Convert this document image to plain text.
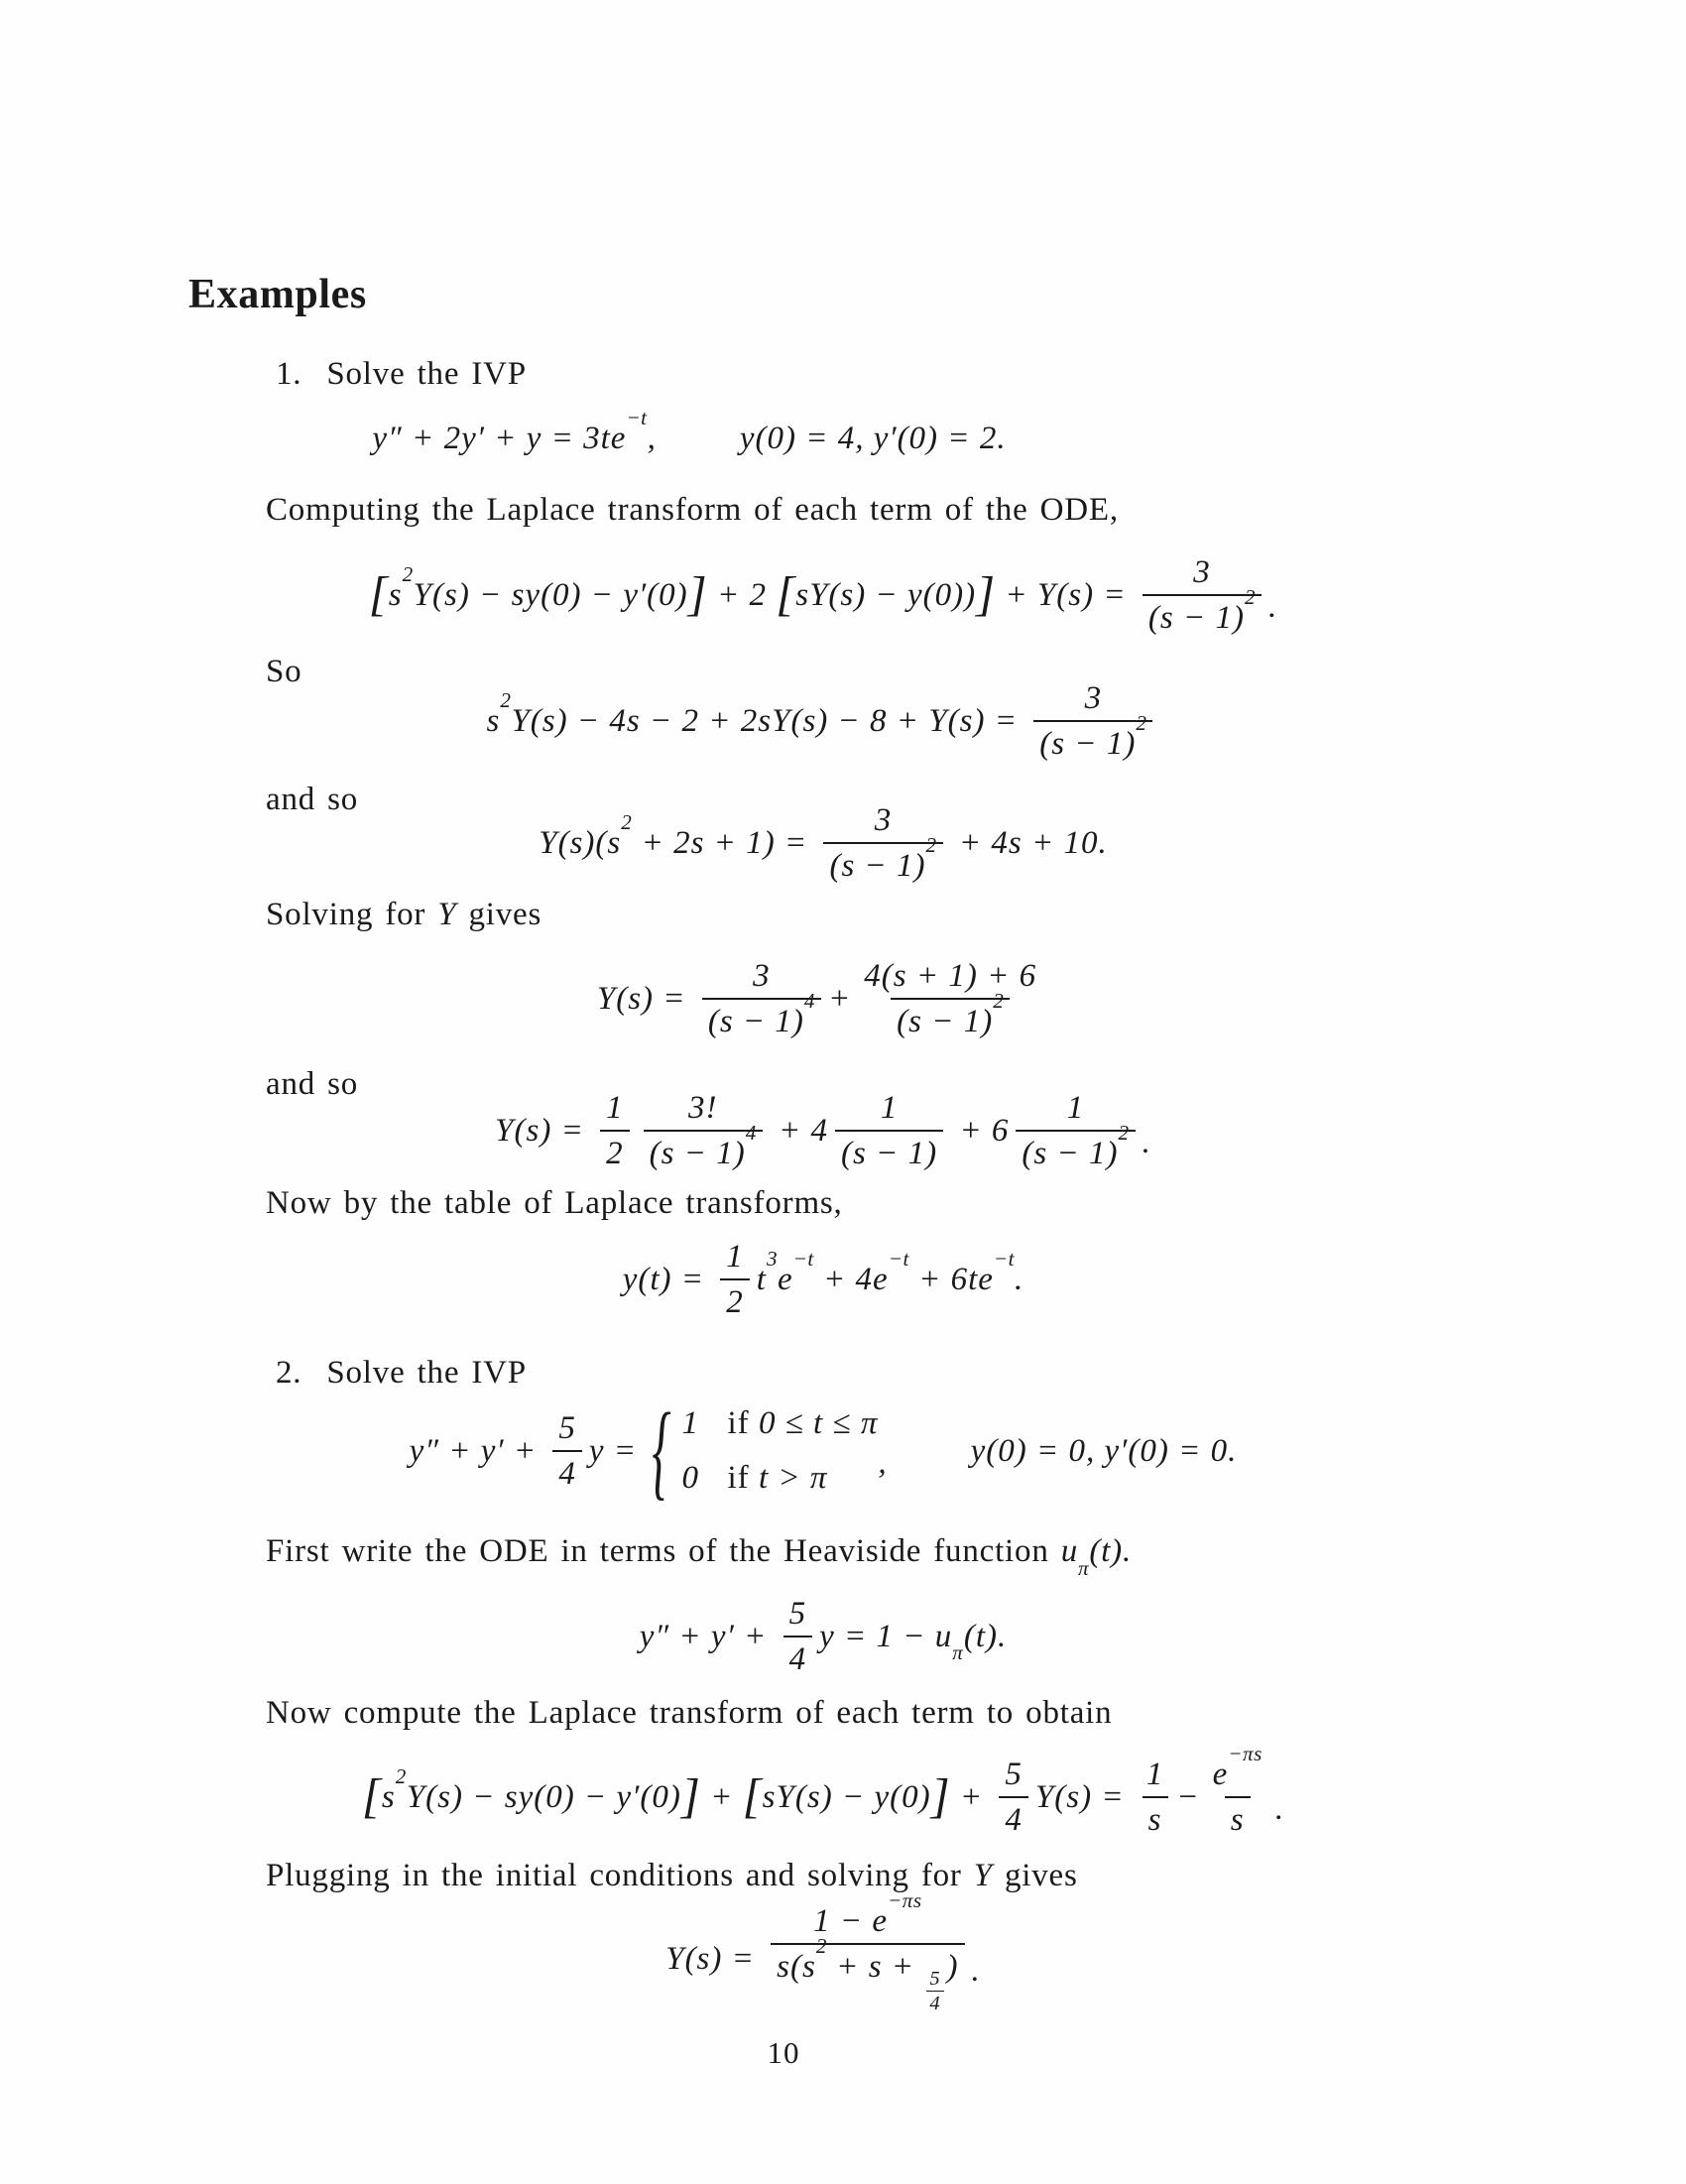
Examples
1. Solve the IVP
$y'' + 2y' + y = 3te^{-t}$,	y(0) = 4, y′(0) = 2.
Computing the Laplace transform of each term of the ODE,
[ $s^2Y(s) - sy(0) - y'(0)$ ] + 2 [ sY(s) − y(0)) ] + $Y(s) = \frac{3}{(s - 1)^2}$ .
So
$s^2Y(s) - 4s - 2 + 2sY(s) - 8 + Y(s) = \frac{3}{(s - 1)^2}$
and so
$Y(s)(s^2 + 2s + 1) = \frac{3}{(s - 1)^2} + 4s + 10$.
Solving for Y gives
$Y(s) = \frac{3}{(s - 1)^4} + \frac{4(s + 1) + 6}{(s - 1)^2}$
and so
$Y(s) = \frac{1}{2} \frac{3!}{(s - 1)^4} + 4 \frac{1}{(s - 1)} + 6 \frac{1}{(s - 1)^2}$ .
Now by the table of Laplace transforms,
$y(t) = \frac{1}{2} t^3e^{-t} + 4e^{-t} + 6te^{-t}$.
2. Solve the IVP
$y'' + y' + \frac{5}{4}$ y = { 1 if 0 ≤ t ≤ π
0 if t > π ,	y(0) = 0, y′(0) = 0.
First write the ODE in terms of the Heaviside function $u_\pi(t)$.
$y'' + y' + \frac{5}{4}$ $y = 1 - u_\pi(t)$.
Now compute the Laplace transform of each term to obtain
[ $s^2Y(s) - sy(0) - y'(0)$ ] + [ sY(s) − y(0) ] + $\frac{5}{4} Y(s) = \frac{1}{s} - \frac{e^{-\pi s}}{s}$ .
Plugging in the initial conditions and solving for Y gives
$Y(s) = 1 - e^{-\pi s}$
$s(s^2 + s$ +
$\frac{5}{4}$
) .
10
